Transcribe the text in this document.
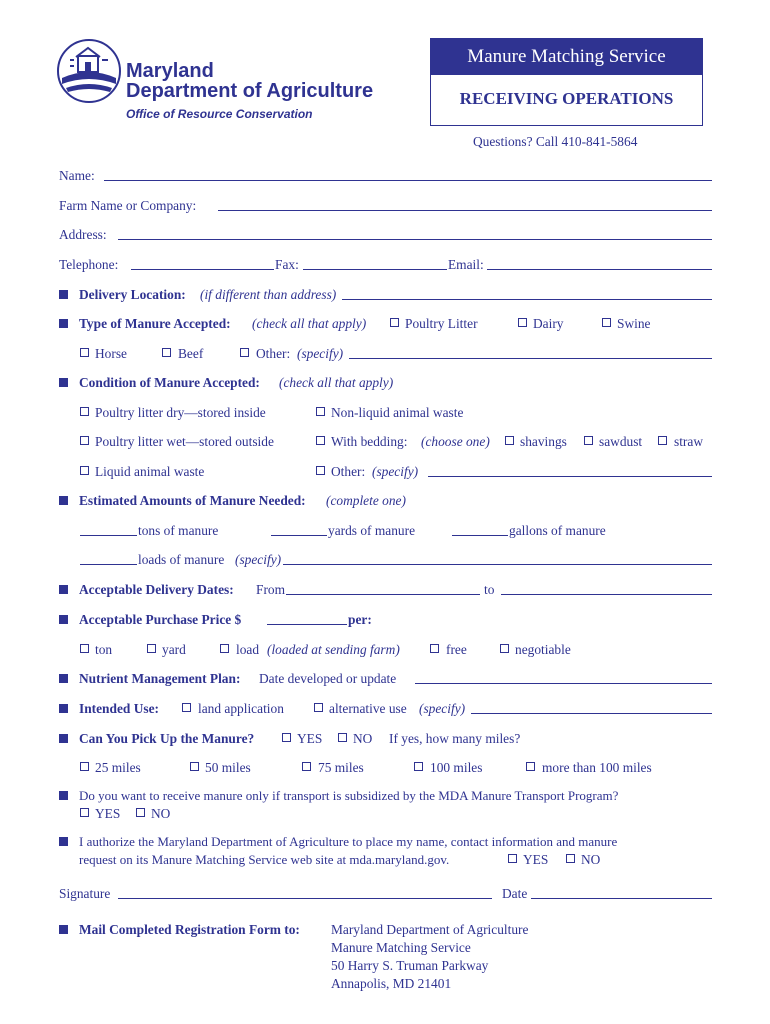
Maryland
Department of Agriculture
Office of Resource Conservation
Manure Matching Service
RECEIVING OPERATIONS
Questions? Call 410-841-5864
Name:
Farm Name or Company:
Address:
Telephone:	Fax:	Email:
Delivery Location: (if different than address)
Type of Manure Accepted: (check all that apply)	Poultry Litter	Dairy	Swine
Horse	Beef	Other: (specify)
Condition of Manure Accepted: (check all that apply)
Poultry litter dry—stored inside	Non-liquid animal waste
Poultry litter wet—stored outside	With bedding: (choose one) shavings sawdust straw
Liquid animal waste	Other: (specify)
Estimated Amounts of Manure Needed: (complete one)
tons of manure	yards of manure	gallons of manure
loads of manure (specify)
Acceptable Delivery Dates: From	to
Acceptable Purchase Price $	per:
ton	yard	load (loaded at sending farm)	free	negotiable
Nutrient Management Plan: Date developed or update
Intended Use:	land application	alternative use (specify)
Can You Pick Up the Manure?	YES NO If yes, how many miles?
25 miles	50 miles	75 miles	100 miles	more than 100 miles
Do you want to receive manure only if transport is subsidized by the MDA Manure Transport Program?
YES NO
I authorize the Maryland Department of Agriculture to place my name, contact information and manure
request on its Manure Matching Service web site at mda.maryland.gov.	YES NO
Signature	Date
Mail Completed Registration Form to: Maryland Department of Agriculture
Manure Matching Service
50 Harry S. Truman Parkway
Annapolis, MD 21401
